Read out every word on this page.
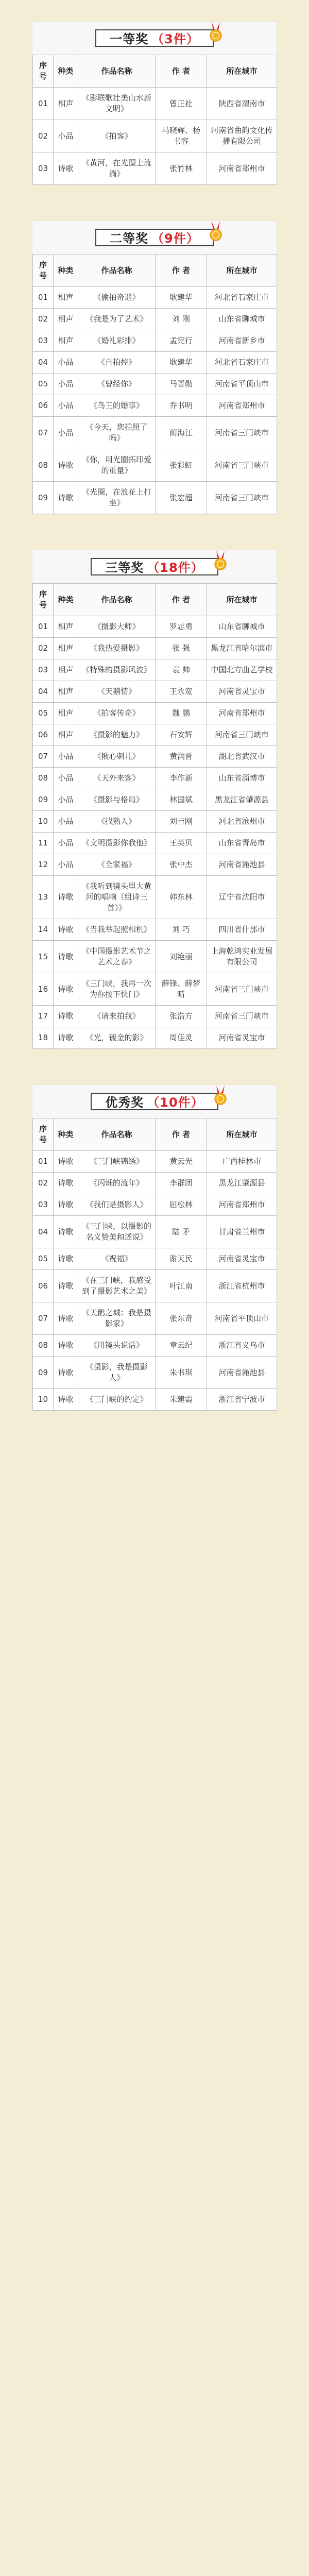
一等奖 （3件）
序号	种类	作品名称	作 者	所在城市
01	相声	《影联歌壮美山水新文明》	曾正社	陕西省渭南市
02	小品	《拍客》	马晓辉、杨书容	河南省曲韵文化传播有限公司
03	诗歌	《黄河，在光圈上流淌》	张竹林	河南省郑州市
二等奖 （9件）
序号	种类	作品名称	作 者	所在城市
01	相声	《偷拍奇遇》	耿建华	河北省石家庄市
02	相声	《我是为了艺术》	刘 刚	山东省聊城市
03	相声	《婚礼彩排》	孟宪行	河南省新乡市
04	小品	《自拍控》	耿建华	河北省石家庄市
05	小品	《曾经你》	马晋勋	河南省平顶山市
06	小品	《鸟王的婚事》	乔书明	河南省郑州市
07	小品	《今天，您拍照了吗》	蔺海江	河南省三门峡市
08	诗歌	《你，用光圈拓印爱的重量》	张彩虹	河南省三门峡市
09	诗歌	《光圈，在浪花上打坐》	张宏超	河南省三门峡市
三等奖 （18件）
序号	种类	作品名称	作 者	所在城市
01	相声	《摄影大师》	罗志勇	山东省聊城市
02	相声	《我热爱摄影》	张 强	黑龙江省哈尔滨市
03	相声	《特殊的摄影风波》	袁 帅	中国北方曲艺学校
04	相声	《天鹅情》	王永宽	河南省灵宝市
05	相声	《拍客传奇》	魏 鹏	河南省郑州市
06	相声	《摄影的魅力》	石安辉	河南省三门峡市
07	小品	《揪心刺儿》	黄润晋	湖北省武汉市
08	小品	《天外来客》	李作新	山东省淄博市
09	小品	《摄影与格局》	林国斌	黑龙江省肇源县
10	小品	《找熟人》	刘吉刚	河北省沧州市
11	小品	《文明摄影你我他》	王英贝	山东省青岛市
12	小品	《全家福》	张中杰	河南省渑池县
13	诗歌	《我听到镜头里大黄河的唱响（组诗三首）》	韩东林	辽宁省沈阳市
14	诗歌	《当我举起照相机》	刘 巧	四川省什邡市
15	诗歌	《中国摄影艺术节之艺术之春》	刘艳丽	上海乾鸿实业发展有限公司
16	诗歌	《三门峡，我再一次为你按下快门》	薛锋、薛梦晴	河南省三门峡市
17	诗歌	《请来拍我》	张浩方	河南省三门峡市
18	诗歌	《光，镀金的影》	周佳灵	河南省灵宝市
优秀奖 （10件）
序号	种类	作品名称	作 者	所在城市
01	诗歌	《三门峡锦绣》	黄云光	广西桂林市
02	诗歌	《闪烁的流年》	李群团	黑龙江肇源县
03	诗歌	《我们是摄影人》	屈松林	河南省郑州市
04	诗歌	《三门峡，以摄影的名义赞美和述说》	陆 矛	甘肃省兰州市
05	诗歌	《祝福》	谢天民	河南省灵宝市
06	诗歌	《在三门峡，我感受到了摄影艺术之美》	叶江南	浙江省杭州市
07	诗歌	《天鹅之城：我是摄影家》	张东奇	河南省平顶山市
08	诗歌	《用镜头说话》	章云纪	浙江省义乌市
09	诗歌	《摄影，我是摄影人》	朱书琪	河南省渑池县
10	诗歌	《三门峡的约定》	朱建霞	浙江省宁波市
